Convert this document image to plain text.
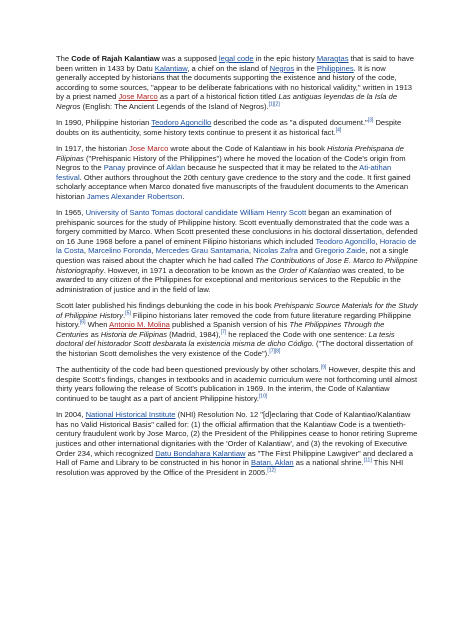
The Code of Rajah Kalantiaw was a supposed legal code in the epic history Maragtas that is said to have been written in 1433 by Datu Kalantiaw, a chief on the island of Negros in the Philippines. It is now generally accepted by historians that the documents supporting the existence and history of the code, according to some sources, "appear to be deliberate fabrications with no historical validity," written in 1913 by a priest named Jose Marco as a part of a historical fiction titled Las antiguas leyendas de la Isla de Negros (English: The Ancient Legends of the Island of Negros).[1][2]

In 1990, Philippine historian Teodoro Agoncillo described the code as "a disputed document."[3] Despite doubts on its authenticity, some history texts continue to present it as historical fact.[4]

In 1917, the historian Jose Marco wrote about the Code of Kalantiaw in his book Historia Prehispana de Filipinas ("Prehispanic History of the Philippines") where he moved the location of the Code's origin from Negros to the Panay province of Aklan because he suspected that it may be related to the Ati-atihan festival. Other authors throughout the 20th century gave credence to the story and the code. It first gained scholarly acceptance when Marco donated five manuscripts of the fraudulent documents to the American historian James Alexander Robertson.

In 1965, University of Santo Tomas doctoral candidate William Henry Scott began an examination of prehispanic sources for the study of Philippine history. Scott eventually demonstrated that the code was a forgery committed by Marco. When Scott presented these conclusions in his doctoral dissertation, defended on 16 June 1968 before a panel of eminent Filipino historians which included Teodoro Agoncillo, Horacio de la Costa, Marcelino Foronda, Mercedes Grau Santamaria, Nicolas Zafra and Gregorio Zaide, not a single question was raised about the chapter which he had called The Contributions of Jose E. Marco to Philippine historiography. However, in 1971 a decoration to be known as the Order of Kalantiao was created, to be awarded to any citizen of the Philippines for exceptional and meritorious services to the Republic in the administration of justice and in the field of law.

Scott later published his findings debunking the code in his book Prehispanic Source Materials for the Study of Philippine History.[5] Filipino historians later removed the code from future literature regarding Philippine history.[6] When Antonio M. Molina published a Spanish version of his The Philippines Through the Centuries as Historia de Filipinas (Madrid, 1984),[7] he replaced the Code with one sentence: La tesis doctoral del historador Scott desbarata la existencia misma de dicho Código. ("The doctoral dissertation of the historian Scott demolishes the very existence of the Code").[7][8]

The authenticity of the code had been questioned previously by other scholars.[9] However, despite this and despite Scott's findings, changes in textbooks and in academic curriculum were not forthcoming until almost thirty years following the release of Scott's publication in 1969. In the interim, the Code of Kalantiaw continued to be taught as a part of ancient Philippine history.[10]

In 2004, National Historical Institute (NHI) Resolution No. 12 "[d]eclaring that Code of Kalantiao/Kalantiaw has no Valid Historical Basis" called for: (1) the official affirmation that the Kalantiaw Code is a twentieth-century fraudulent work by Jose Marco, (2) the President of the Philippines cease to honor retiring Supreme justices and other international dignitaries with the 'Order of Kalantiaw', and (3) the revoking of Executive Order 234, which recognized Datu Bondahara Kalantiaw as "The First Philippine Lawgiver" and declared a Hall of Fame and Library to be constructed in his honor in Batan, Aklan as a national shrine.[11] This NHI resolution was approved by the Office of the President in 2005.[12]
